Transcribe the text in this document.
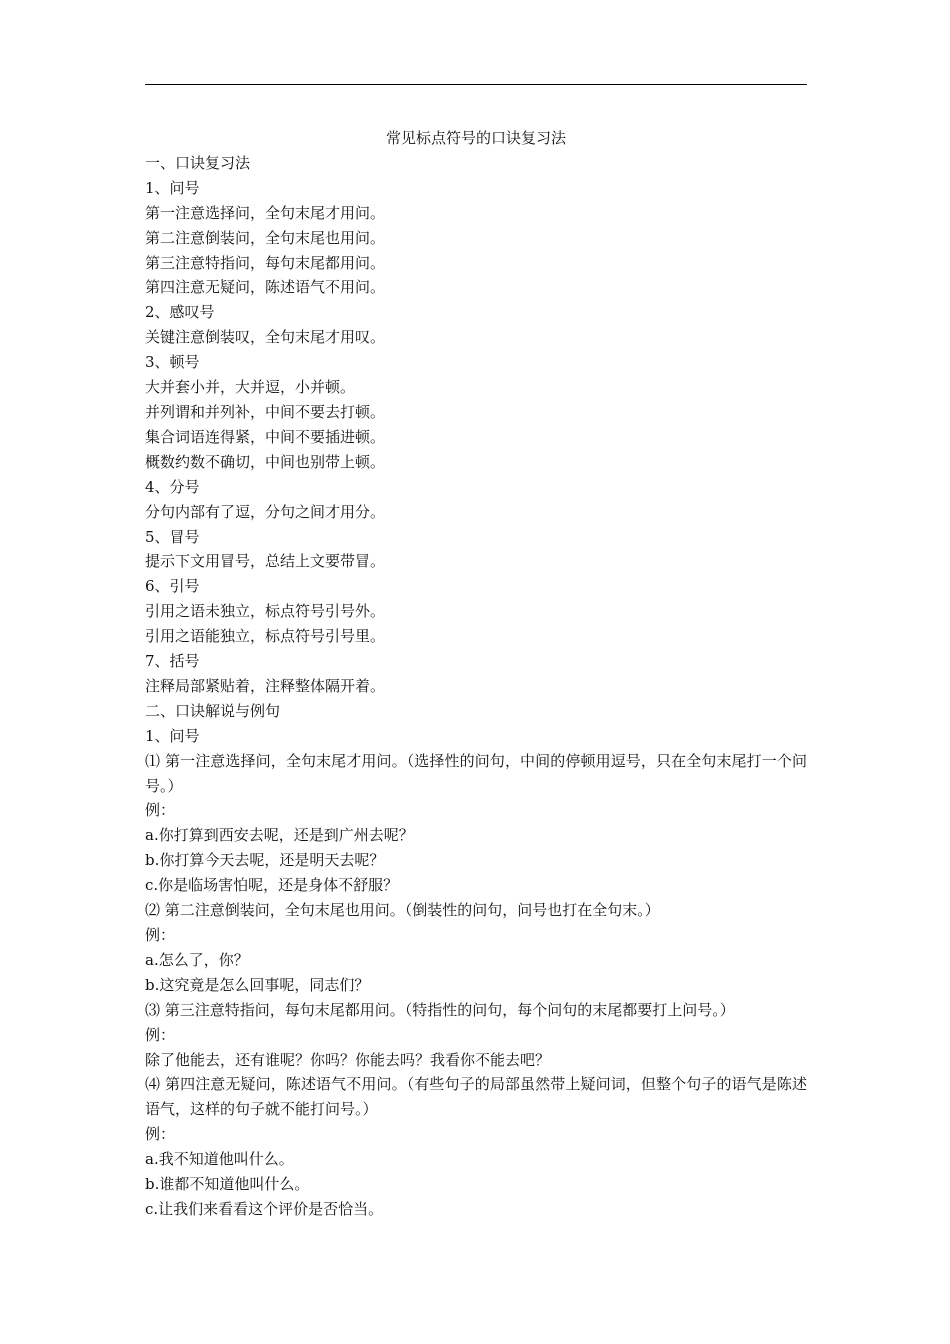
常见标点符号的口诀复习法

一、口诀复习法

1、问号

第一注意选择问，全句末尾才用问。

第二注意倒装问，全句末尾也用问。

第三注意特指问，每句末尾都用问。

第四注意无疑问，陈述语气不用问。

2、感叹号

关键注意倒装叹，全句末尾才用叹。

3、顿号

大并套小并，大并逗，小并顿。

并列谓和并列补，中间不要去打顿。

集合词语连得紧，中间不要插进顿。

概数约数不确切，中间也别带上顿。

4、分号

分句内部有了逗，分句之间才用分。

5、冒号

提示下文用冒号，总结上文要带冒。

6、引号

引用之语未独立，标点符号引号外。

引用之语能独立，标点符号引号里。

7、括号

注释局部紧贴着，注释整体隔开着。

二、口诀解说与例句

1、问号

⑴ 第一注意选择问，全句末尾才用问。（选择性的问句，中间的停顿用逗号，只在全句末尾打一个问号。）

例：

a.你打算到西安去呢，还是到广州去呢？

b.你打算今天去呢，还是明天去呢？

c.你是临场害怕呢，还是身体不舒服？

⑵ 第二注意倒装问，全句末尾也用问。（倒装性的问句，问号也打在全句末。）

例：

a.怎么了，你？

b.这究竟是怎么回事呢，同志们？

⑶ 第三注意特指问，每句末尾都用问。（特指性的问句，每个问句的末尾都要打上问号。）

例：

除了他能去，还有谁呢？你吗？你能去吗？我看你不能去吧？

⑷ 第四注意无疑问，陈述语气不用问。（有些句子的局部虽然带上疑问词，但整个句子的语气是陈述语气，这样的句子就不能打问号。）

例：

a.我不知道他叫什么。

b.谁都不知道他叫什么。

c.让我们来看看这个评价是否恰当。
